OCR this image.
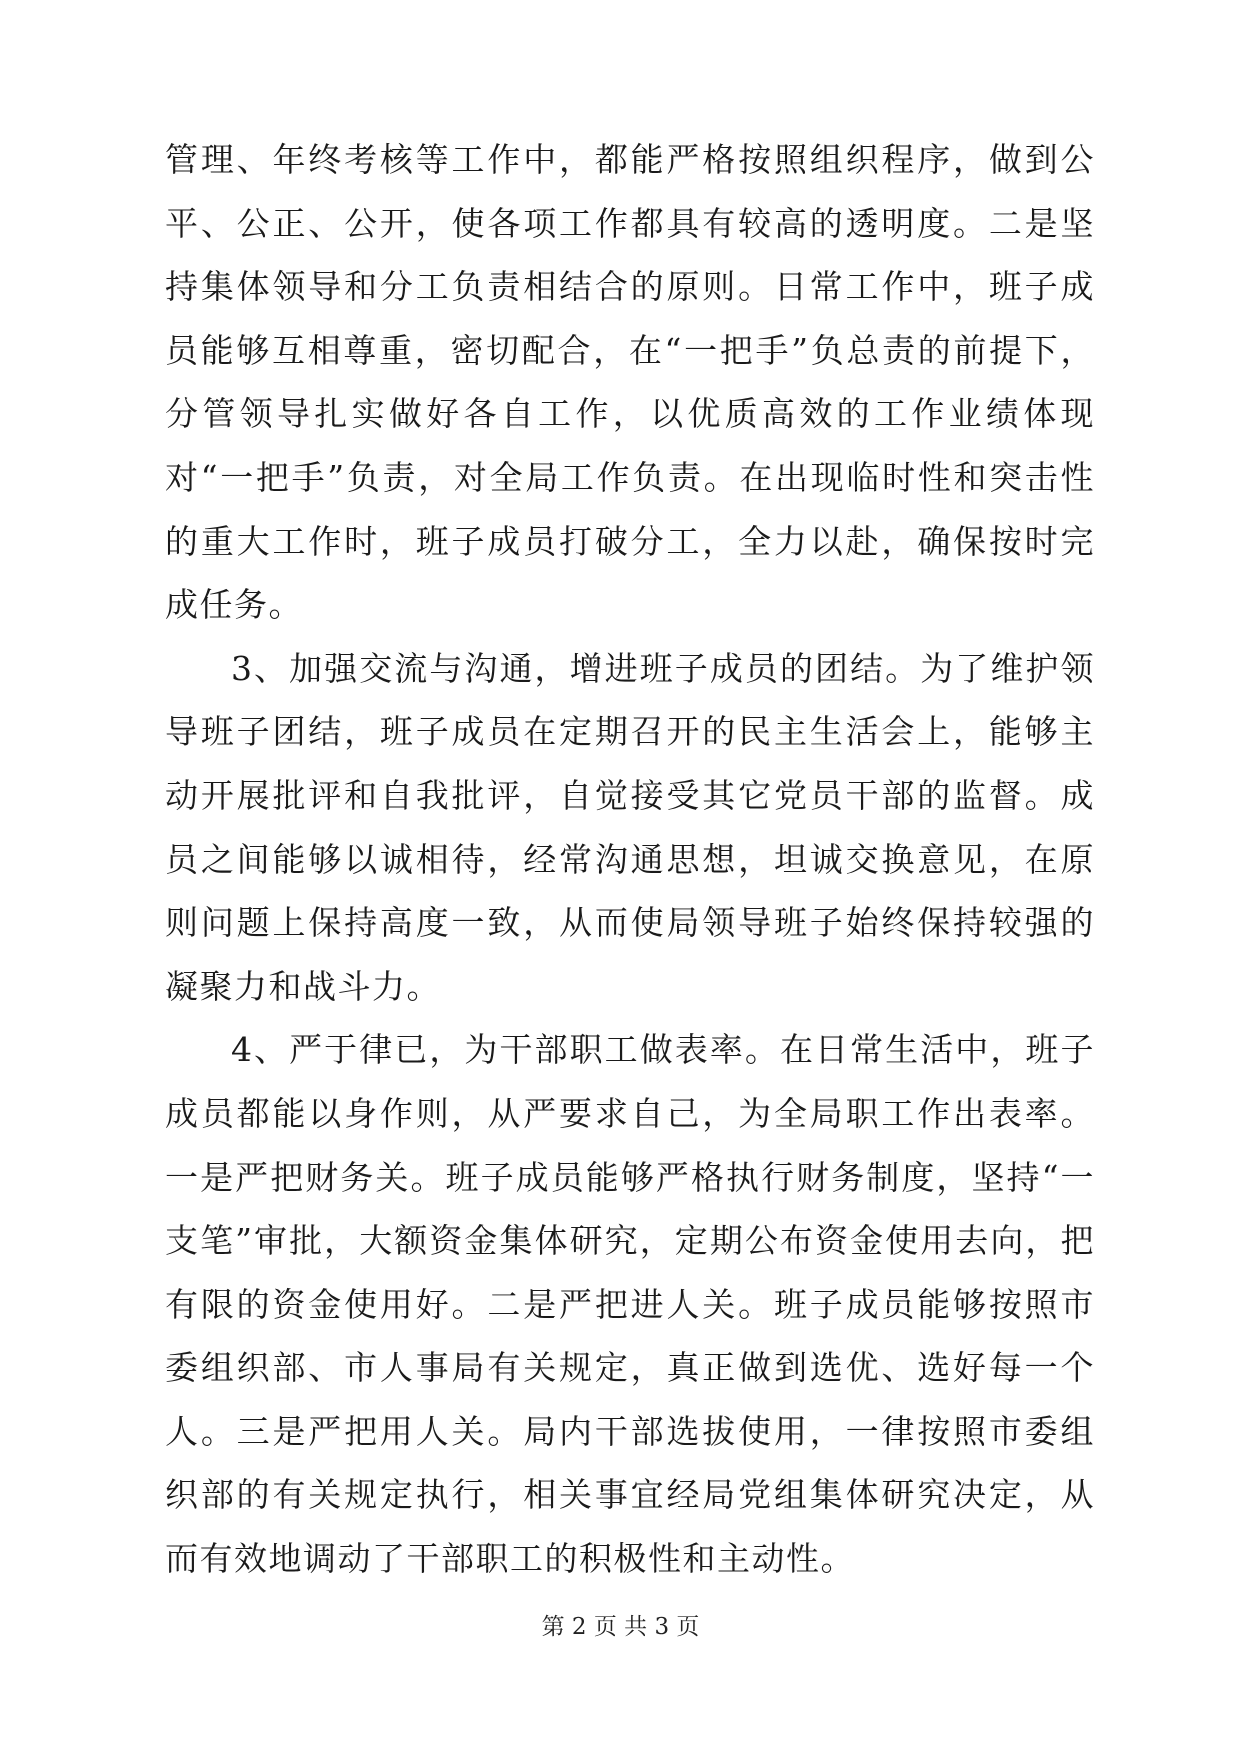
管理、年终考核等工作中，都能严格按照组织程序，做到公平、公正、公开，使各项工作都具有较高的透明度。二是坚持集体领导和分工负责相结合的原则。日常工作中，班子成员能够互相尊重，密切配合，在“一把手”负总责的前提下，分管领导扎实做好各自工作，以优质高效的工作业绩体现对“一把手”负责，对全局工作负责。在出现临时性和突击性的重大工作时，班子成员打破分工，全力以赴，确保按时完成任务。

3、加强交流与沟通，增进班子成员的团结。为了维护领导班子团结，班子成员在定期召开的民主生活会上，能够主动开展批评和自我批评，自觉接受其它党员干部的监督。成员之间能够以诚相待，经常沟通思想，坦诚交换意见，在原则问题上保持高度一致，从而使局领导班子始终保持较强的凝聚力和战斗力。

4、严于律已，为干部职工做表率。在日常生活中，班子成员都能以身作则，从严要求自己，为全局职工作出表率。一是严把财务关。班子成员能够严格执行财务制度，坚持“一支笔”审批，大额资金集体研究，定期公布资金使用去向，把有限的资金使用好。二是严把进人关。班子成员能够按照市委组织部、市人事局有关规定，真正做到选优、选好每一个人。三是严把用人关。局内干部选拔使用，一律按照市委组织部的有关规定执行，相关事宜经局党组集体研究决定，从而有效地调动了干部职工的积极性和主动性。

第 2 页 共 3 页
